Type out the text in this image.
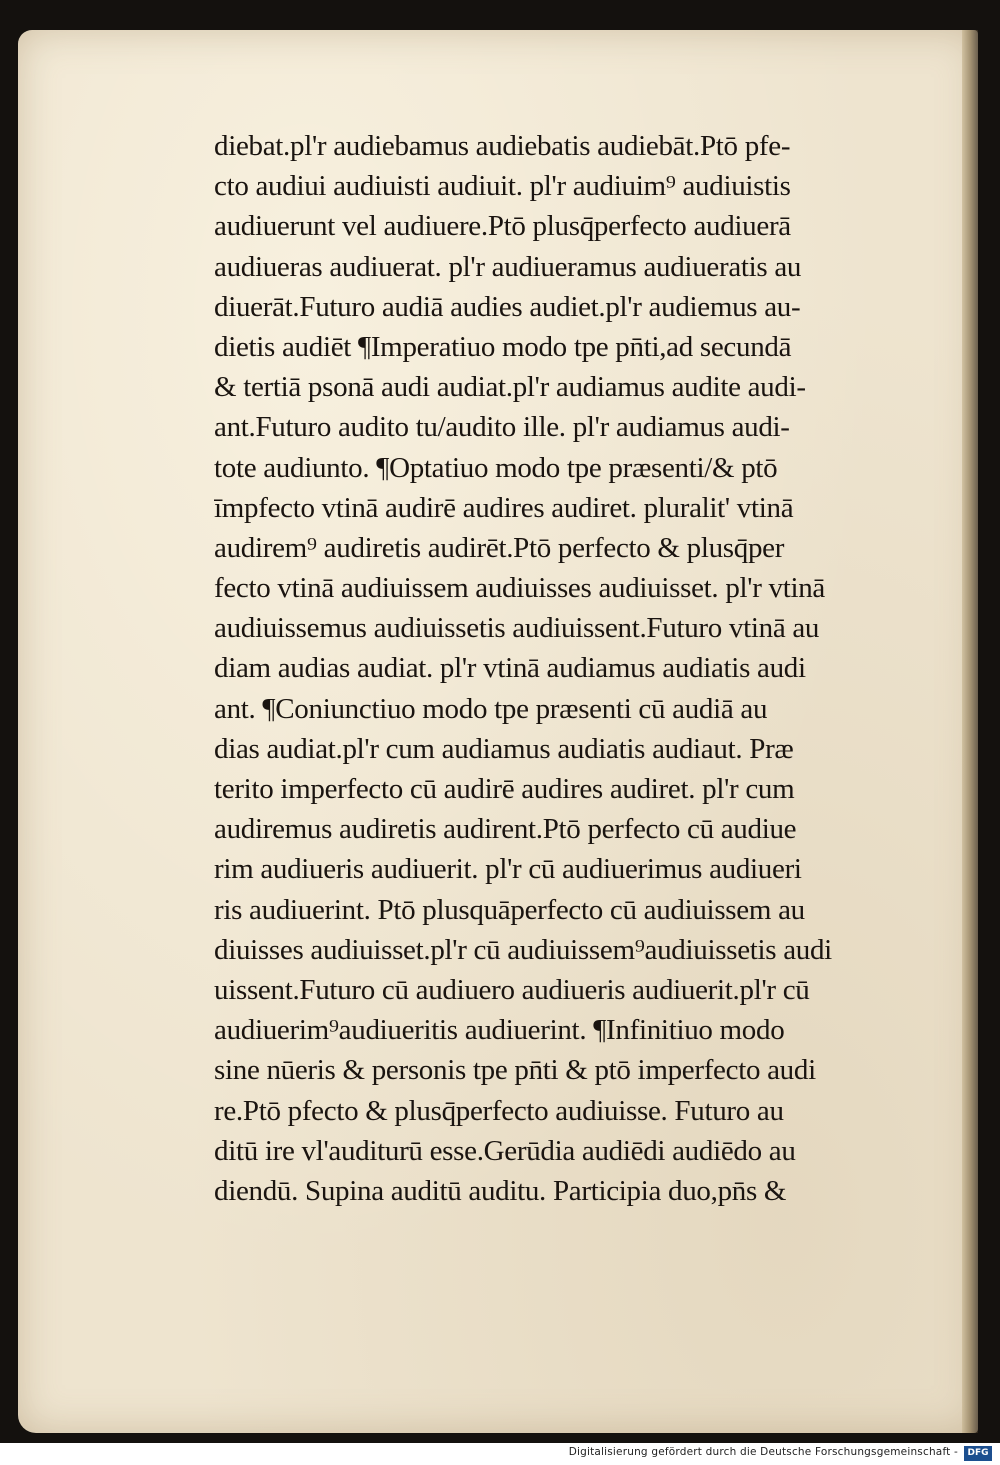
diebat.pl'r audiebamus audiebatis audiebāt.Ptō pfe-
cto audiui audiuisti audiuit. pl'r audiuim⁹ audiuistis
audiuerunt vel audiuere.Ptō plusq̄perfecto audiuerā
audiueras audiuerat. pl'r audiueramus audiueratis au
diuerāt.Futuro audiā audies audiet.pl'r audiemus au-
dietis audiēt ¶Imperatiuo modo tpe pn̄ti,ad secundā
& tertiā psonā audi audiat.pl'r audiamus audite audi-
ant.Futuro audito tu/audito ille. pl'r audiamus audi-
tote audiunto. ¶Optatiuo modo tpe præsenti/& ptō
īmpfecto vtinā audirē audires audiret. pluralit' vtinā
audirem⁹ audiretis audirēt.Ptō perfecto & plusq̄per
fecto vtinā audiuissem audiuisses audiuisset. pl'r vtinā
audiuissemus audiuissetis audiuissent.Futuro vtinā au
diam audias audiat. pl'r vtinā audiamus audiatis audi
ant. ¶Coniunctiuo modo tpe præsenti cū audiā au
dias audiat.pl'r cum audiamus audiatis audiaut. Præ
terito imperfecto cū audirē audires audiret. pl'r cum
audiremus audiretis audirent.Ptō perfecto cū audiue
rim audiueris audiuerit. pl'r cū audiuerimus audiueri
ris audiuerint. Ptō plusquāperfecto cū audiuissem au
diuisses audiuisset.pl'r cū audiuissem⁹audiuissetis audi
uissent.Futuro cū audiuero audiueris audiuerit.pl'r cū
audiuerim⁹audiueritis audiuerint. ¶Infinitiuo modo
sine nūeris & personis tpe pn̄ti & ptō imperfecto audi
re.Ptō pfecto & plusq̄perfecto audiuisse. Futuro au
ditū ire vl'auditurū esse.Gerūdia audiēdi audiēdo au
diendū. Supina auditū auditu. Participia duo,pn̄s &
Digitalisierung gefördert durch die Deutsche Forschungsgemeinschaft -	DFG
